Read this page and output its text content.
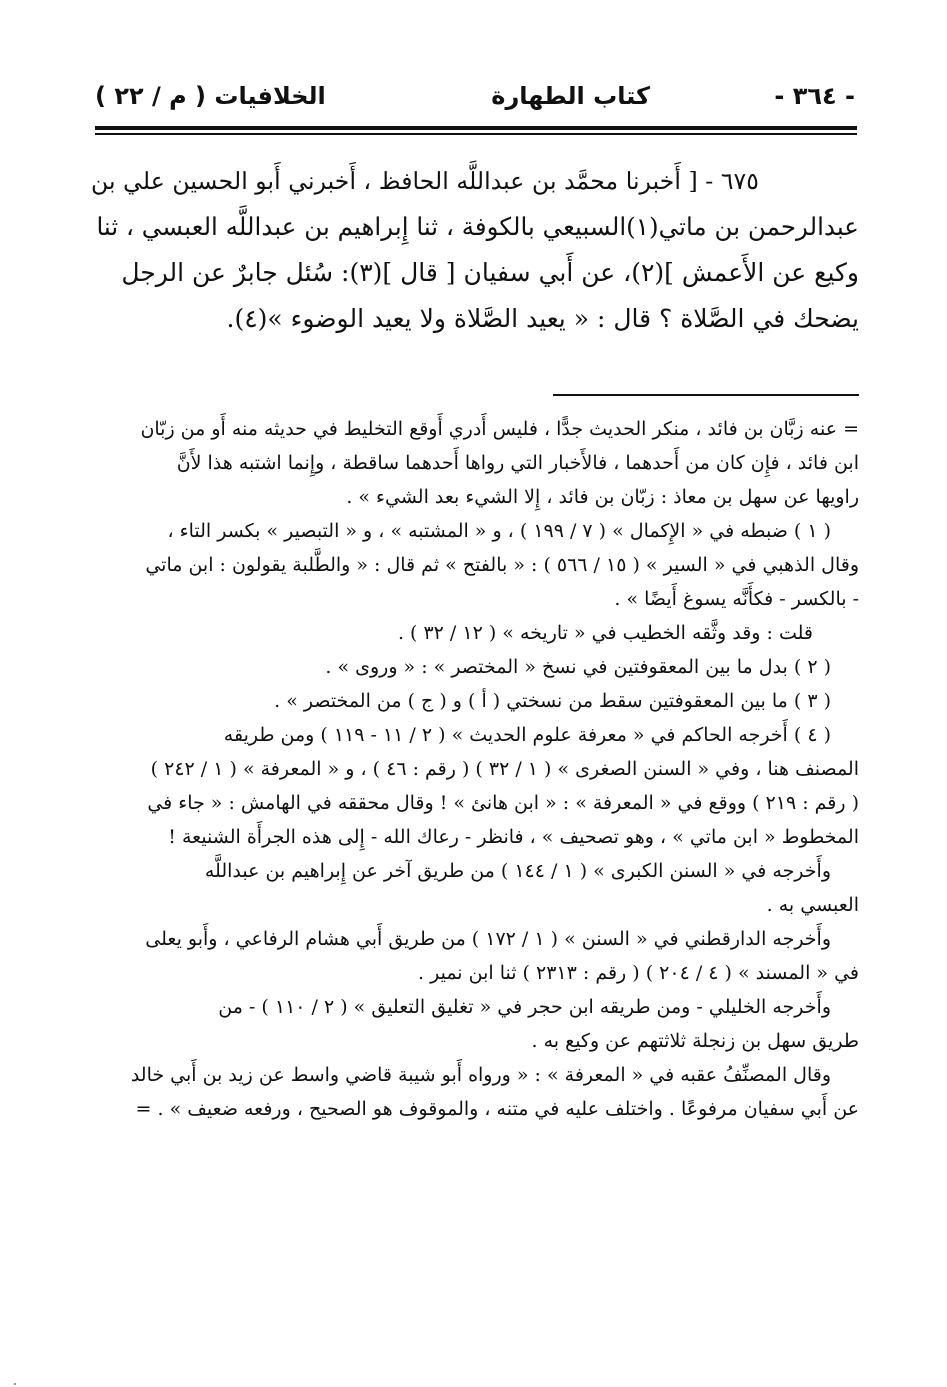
- ٣٦٤ -
كتاب الطهارة
الخلافيات ( م / ٢٢ )
٦٧٥ - [ أَخبرنا محمَّد بن عبداللَّه الحافظ ، أَخبرني أَبو الحسين علي بن
عبدالرحمن بن ماتي(١)السبيعي بالكوفة ، ثنا إِبراهيم بن عبداللَّه العبسي ، ثنا
وكيع عن الأَعمش ](٢)، عن أَبي سفيان [ قال ](٣): سُئل جابرٌ عن الرجل
يضحك في الصَّلاة ؟ قال : « يعيد الصَّلاة ولا يعيد الوضوء »(٤).
= عنه زبَّان بن فائد ، منكر الحديث جدًّا ، فليس أَدري أَوقع التخليط في حديثه منه أَو من زبّان
ابن فائد ، فإِن كان من أَحدهما ، فالأَخبار التي رواها أَحدهما ساقطة ، وإِنما اشتبه هذا لأَنَّ
راويها عن سهل بن معاذ : زبّان بن فائد ، إِلا الشيء بعد الشيء » .
( ١ ) ضبطه في « الإِكمال » ( ٧ / ١٩٩ ) ، و « المشتبه » ، و « التبصير » بكسر التاء ،
وقال الذهبي في « السير » ( ١٥ / ٥٦٦ ) : « بالفتح » ثم قال : « والطَّلبة يقولون : ابن ماتي
- بالكسر - فكأَنَّه يسوغ أَيضًا » .
قلت : وقد وثَّقه الخطيب في « تاريخه » ( ١٢ / ٣٢ ) .
( ٢ ) بدل ما بين المعقوفتين في نسخ « المختصر » : « وروى » .
( ٣ ) ما بين المعقوفتين سقط من نسختي ( أ ) و ( ج ) من المختصر » .
( ٤ ) أَخرجه الحاكم في « معرفة علوم الحديث » ( ٢ / ١١ - ١١٩ ) ومن طريقه
المصنف هنا ، وفي « السنن الصغرى » ( ١ / ٣٢ ) ( رقم : ٤٦ ) ، و « المعرفة » ( ١ / ٢٤٢ )
( رقم : ٢١٩ ) ووقع في « المعرفة » : « ابن هانئ » ! وقال محققه في الهامش : « جاء في
المخطوط « ابن ماتي » ، وهو تصحيف » ، فانظر - رعاك الله - إِلى هذه الجرأَة الشنيعة !
وأَخرجه في « السنن الكبرى » ( ١ / ١٤٤ ) من طريق آخر عن إِبراهيم بن عبداللَّه
العبسي به .
وأَخرجه الدارقطني في « السنن » ( ١ / ١٧٢ ) من طريق أَبي هشام الرفاعي ، وأَبو يعلى
في « المسند » ( ٤ / ٢٠٤ ) ( رقم : ٢٣١٣ ) ثنا ابن نمير .
وأَخرجه الخليلي - ومن طريقه ابن حجر في « تغليق التعليق » ( ٢ / ١١٠ ) - من
طريق سهل بن زنجلة ثلاثتهم عن وكيع به .
وقال المصنِّفُ عقبه في « المعرفة » : « ورواه أَبو شيبة قاضي واسط عن زيد بن أَبي خالد
عن أَبي سفيان مرفوعًا . واختلف عليه في متنه ، والموقوف هو الصحيح ، ورفعه ضعيف » . =
